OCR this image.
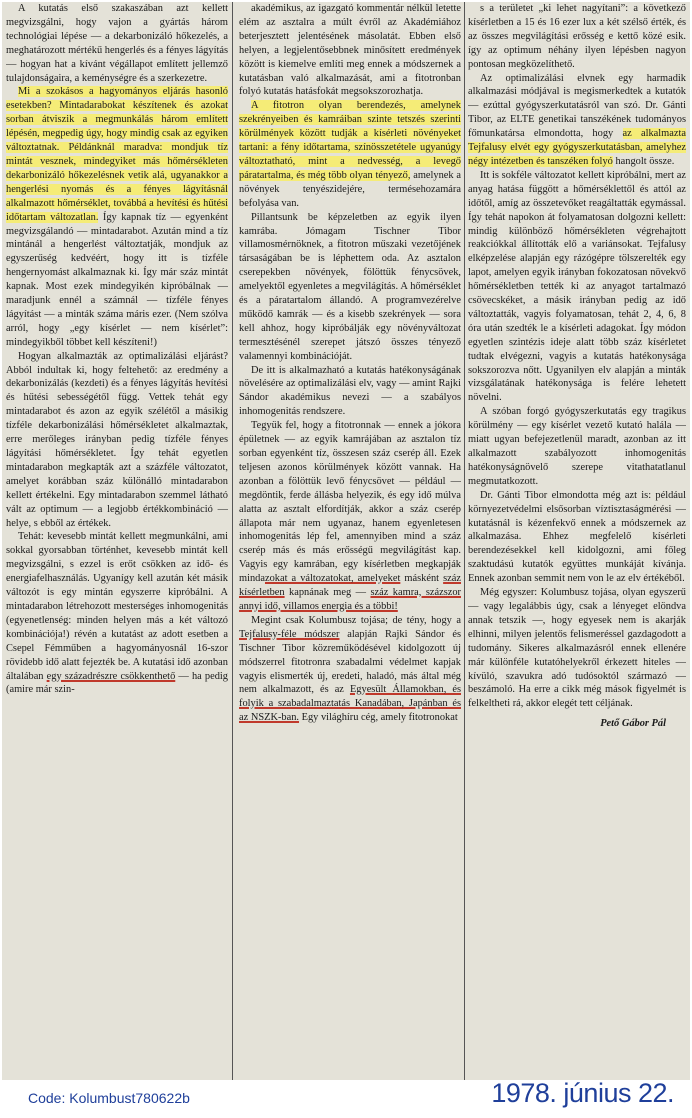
A kutatás első szakaszában azt kellett megvizsgálni, hogy vajon a gyártás három technológiai lépése — a dekarbonizáló hőkezelés, a meghatározott mértékű hengerlés és a fényes lágyítás — hogyan hat a kívánt végállapot említett jellemző tulajdonságaira, a keménységre és a szerkezetre.

Mi a szokásos a hagyományos eljárás hasonló esetekben? Mintadarabokat készítenek és azokat sorban átviszik a megmunkálás három említett lépésén, megpedig úgy, hogy mindig csak az egyiken változtatnak. Példánknál maradva: mondjuk tíz mintát vesznek, mindegyiket más hőmérsékleten dekarbonizáló hőkezelésnek vetik alá, ugyanakkor a hengerlési nyomás és a fényes lágyításnál alkalmazott hőmérséklet, továbbá a hevítési és hűtési időtartam változatlan. Így kapnak tíz — egyenként megvizsgálandó — mintadarabot. Azután mind a tíz mintánál a hengerlést változtatják, mondjuk az egyszerűség kedvéért, hogy itt is tízféle hengernyomást alkalmaznak ki. Így már száz mintát kapnak. Most ezek mindegyikén kipróbálnak — maradjunk ennél a számnál — tízféle fényes lágyítást — a minták száma máris ezer. (Nem szólva arról, hogy „egy kísérlet — nem kísérlet”: mindegyikből többet kell készíteni!)

Hogyan alkalmazták az optimalizálási eljárást? Abból indultak ki, hogy feltehető: az eredmény a dekarbonizálás (kezdeti) és a fényes lágyítás hevítési és hűtési sebességétől függ. Vettek tehát egy mintadarabot és azon az egyik szélétől a másikig tízféle dekarbonizálási hőmérsékletet alkalmaztak, erre merőleges irányban pedig tízféle fényes lágyítási hőmérsékletet. Így tehát egyetlen mintadarabon megkapták azt a százféle változatot, amelyet korábban száz különálló mintadarabon kellett értékelni. Egy mintadarabon szemmel látható vált az optimum — a legjobb értékkombináció — helye, s ebből az értékek.

Tehát: kevesebb mintát kellett megmunkálni, ami sokkal gyorsabban történhet, kevesebb mintát kell megvizsgálni, s ezzel is erőt csökken az idő- és energiafelhasználás. Ugyanígy kell azután két másik változót is egy mintán egyszerre kipróbálni. A mintadarabon létrehozott mesterséges inhomogenitás (egyenetlenség: minden helyen más a két változó kombinációja!) révén a kutatást az adott esetben a Csepel Fémműben a hagyományosnál 16-szor rövidebb idő alatt fejezték be. A kutatási idő azonban általában egy századrészre csökkenthető — ha pedig (amire már szin-

akadémikus, az igazgató kommentár nélkül letette elém az asztalra a múlt évről az Akadémiához beterjesztett jelentésének másolatát. Ebben első helyen, a legjelentősebbnek minősített eredmények között is kiemelve említi meg ennek a módszernek a kutatásban való alkalmazását, ami a fitotronban folyó kutatás hatásfokát megsokszorozhatja.

A fitotron olyan berendezés, amelynek szekrényeiben és kamráiban szinte tetszés szerinti körülmények között tudják a kísérleti növényeket tartani: a fény időtartama, színösszetétele ugyanúgy változtatható, mint a nedvesség, a levegő páratartalma, és még több olyan tényező, amelynek a növények tenyészidejére, termésehozamára befolyása van.

Pillantsunk be képzeletben az egyik ilyen kamrába. Jómagam Tischner Tibor villamosmérnöknek, a fitotron műszaki vezetőjének társaságában be is léphettem oda. Az asztalon cserepekben növények, fölöttük fénycsövek, amelyektől egyenletes a megvilágítás. A hőmérséklet és a páratartalom állandó. A programvezérelve működő kamrák — és a kisebb szekrények — sora kell ahhoz, hogy kipróbálják egy növényváltozat termesztésénél szerepet játszó összes tényező valamennyi kombinációját.

De itt is alkalmazható a kutatás hatékonyságának növelésére az optimalizálási elv, vagy — amint Rajki Sándor akadémikus nevezi — a szabályos inhomogenitás rendszere.

Tegyük fel, hogy a fitotronnak — ennek a jókora épületnek — az egyik kamrájában az asztalon tíz sorban egyenként tíz, összesen száz cserép áll. Ezek teljesen azonos körülmények között vannak. Ha azonban a fölöttük levő fénycsövet — például — megdöntik, ferde állásba helyezik, és egy idő múlva alatta az asztalt elfordítják, akkor a száz cserép állapota már nem ugyanaz, hanem egyenletesen inhomogenitás lép fel, amennyiben mind a száz cserép más és más erősségű megvilágítást kap. Vagyis egy kamrában, egy kísérletben megkapják mindazokat a változatokat, amelyeket másként száz kísérletben kapnának meg — száz kamra, százszor annyi idő, villamos energia és a többi!

Megint csak Kolumbusz tojása; de tény, hogy a Tejfalusy-féle módszer alapján Rajki Sándor és Tischner Tibor közreműködésével kidolgozott új módszerrel fitotronra szabadalmi védelmet kapjak vagyis elismerték új, eredeti, haladó, más által még nem alkalmazott, és az Egyesült Államokban, és folyik a szabadalmaztatás Kanadában, Japánban és az NSZK-ban. Egy világhíru cég, amely fitotronokat

s a területet „ki lehet nagyítani”: a következő kísérletben a 15 és 16 ezer lux a két szélső érték, és az összes megvilágítási erősség e kettő közé esik. így az optimum néhány ilyen lépésben nagyon pontosan megközelíthető.

Az optimalizálási elvnek egy harmadik alkalmazási módjával is megismerkedtek a kutatók — ezúttal gyógyszerkutatásról van szó. Dr. Gánti Tibor, az ELTE genetikai tanszékének tudományos főmunkatársa elmondotta, hogy az alkalmazta Tejfalusy elvét egy gyógyszerkutatásban, amelyhez négy intézetben és tanszéken folyó hangolt össze.

Itt is sokféle változatot kellett kipróbálni, mert az anyag hatása függött a hőmérséklettől és attól az időtől, amíg az összetevőket reagáltatták egymással. Így tehát napokon át folyamatosan dolgozni kellett: mindig különböző hőmérsékleten végrehajtott reakciókkal állították elő a variánsokat. Tejfalusy elképzelése alapján egy rázógépre tölszerelték egy lapot, amelyen egyik irányban fokozatosan növekvő hőmérsékletben tették ki az anyagot tartalmazó csövecskéket, a másik irányban pedig az idő változtatták, vagyis folyamatosan, tehát 2, 4, 6, 8 óra után szedték le a kísérleti adagokat. Így módon egyetlen szintézis ideje alatt több száz kísérletet tudtak elvégezni, vagyis a kutatás hatékonysága sokszorozva nőtt. Ugyanilyen elv alapján a minták vizsgálatának hatékonysága is felére lehetett növelni.

A szóban forgó gyógyszerkutatás egy tragikus körülmény — egy kísérlet vezető kutató halála — miatt ugyan befejezetlenül maradt, azonban az itt alkalmazott szabályozott inhomogenitás hatékonyságnövelő szerepe vitathatatlanul megmutatkozott.

Dr. Gánti Tibor elmondotta még azt is: például környezetvédelmi elsősorban víztisztaságmérési — kutatásnál is kézenfekvő ennek a módszernek az alkalmazása. Ehhez megfelelő kísérleti berendezésekkel kell kidolgozni, ami főleg szaktudású kutatók együttes munkáját kívánja. Ennek azonban semmit nem von le az elv értékéből.

Még egyszer: Kolumbusz tojása, olyan egyszerű — vagy legalábbis úgy, csak a lényeget elöndva annak tetszik —, hogy egyesek nem is akarják elhinni, milyen jelentős felismeréssel gazdagodott a tudomány. Sikeres alkalmazásról ennek ellenére már különféle kutatóhelyekről érkezett hiteles — kívüló, szavukra adó tudósoktól származó — beszámoló. Ha erre a cikk még mások figyelmét is felkeltheti rá, akkor elegét tett céljának.

Pető Gábor Pál

Code: Kolumbust780622b	1978. június 22.
